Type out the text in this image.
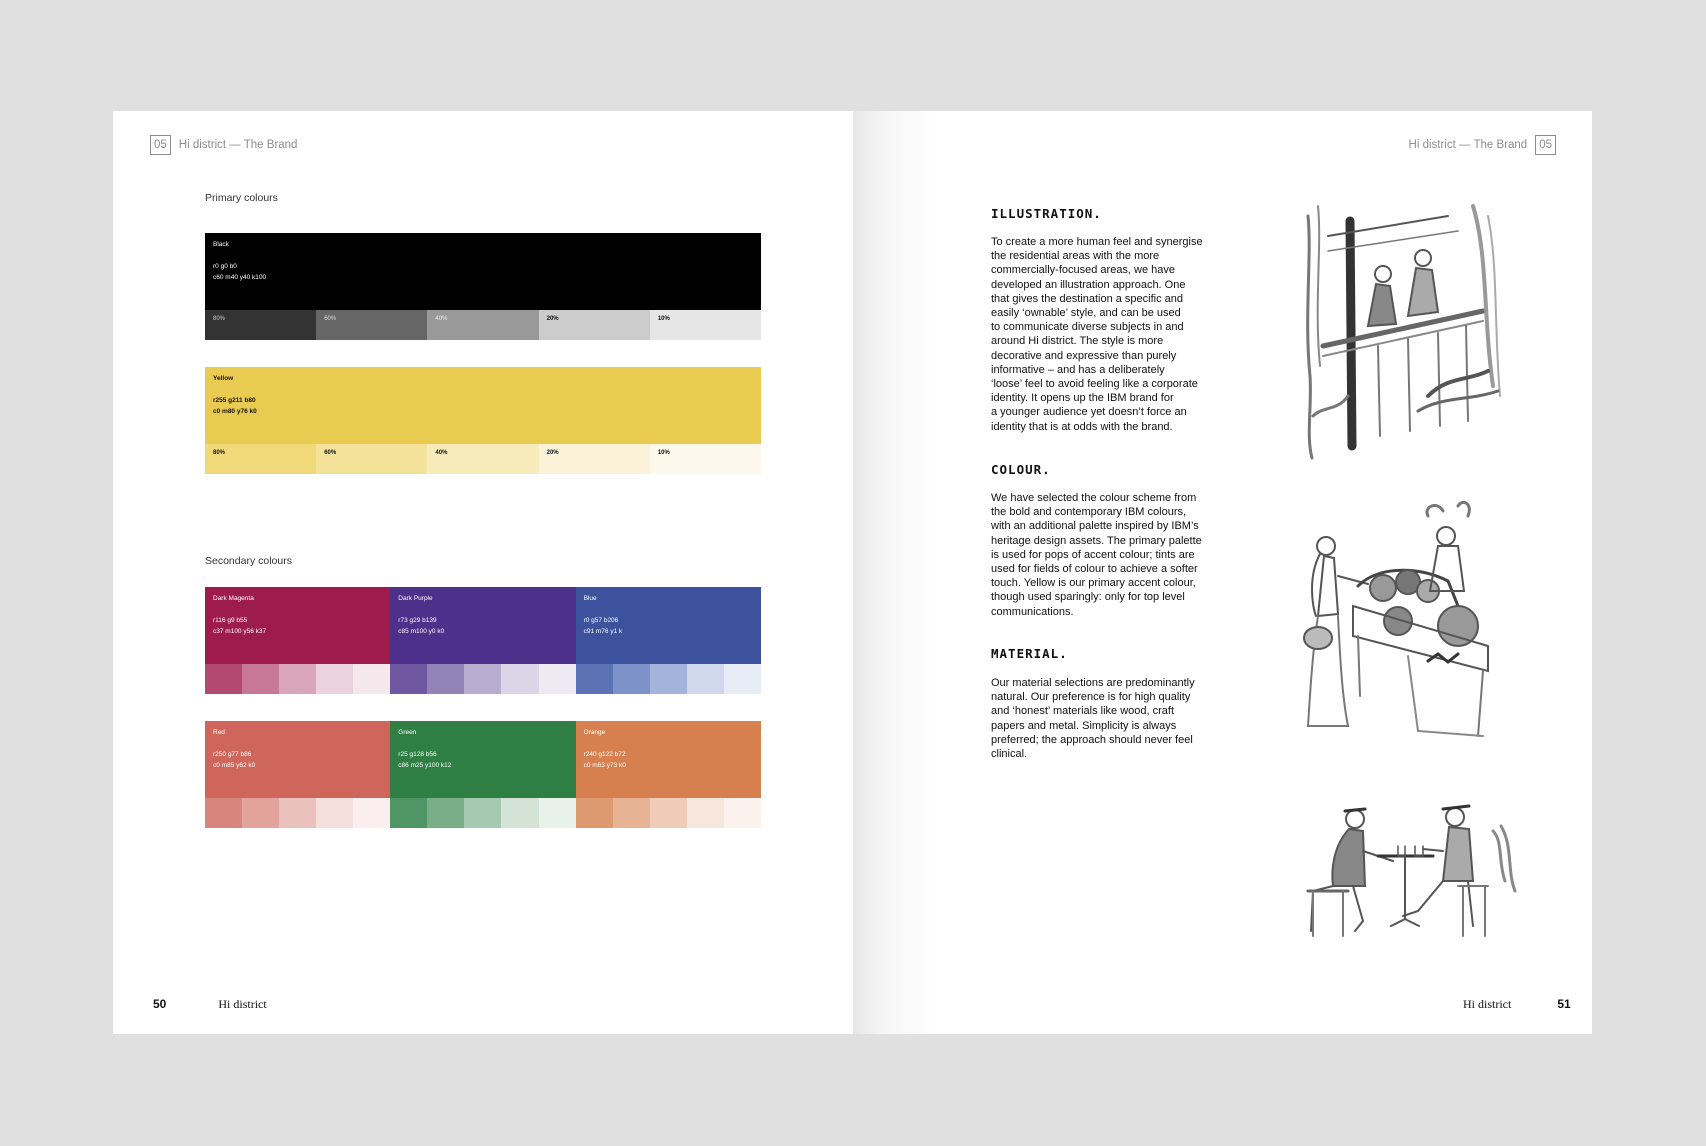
05	Hi district — The Brand
Primary colours
Black
r0 g0 b0
c60 m40 y40 k100
80%	60%	40%	20%	10%
Yellow
r255 g211 b80
c0 m80 y76 k0
80%	60%	40%	20%	10%
Secondary colours
Dark Magenta
r116 g9 b55
c37 m100 y56 k37
Dark Purple
r73 g29 b139
c85 m100 y0 k0
Blue
r0 g57 b206
c91 m76 y1 k
Red
r250 g77 b86
c0 m85 y62 k0
Green
r25 g128 b56
c86 m25 y100 k12
Orange
r240 g122 b72
c0 m63 y73 k0
50	Hi district
Hi district — The Brand	05
ILLUSTRATION.
To create a more human feel and synergise
the residential areas with the more
commercially-focused areas, we have
developed an illustration approach. One
that gives the destination a specific and
easily ‘ownable’ style, and can be used
to communicate diverse subjects in and
around Hi district. The style is more
decorative and expressive than purely
informative – and has a deliberately
‘loose’ feel to avoid feeling like a corporate
identity. It opens up the IBM brand for
a younger audience yet doesn’t force an
identity that is at odds with the brand.
COLOUR.
We have selected the colour scheme from
the bold and contemporary IBM colours,
with an additional palette inspired by IBM’s
heritage design assets. The primary palette
is used for pops of accent colour; tints are
used for fields of colour to achieve a softer
touch. Yellow is our primary accent colour,
though used sparingly: only for top level
communications.
MATERIAL.
Our material selections are predominantly
natural. Our preference is for high quality
and ‘honest’ materials like wood, craft
papers and metal. Simplicity is always
preferred; the approach should never feel
clinical.
Hi district	51
